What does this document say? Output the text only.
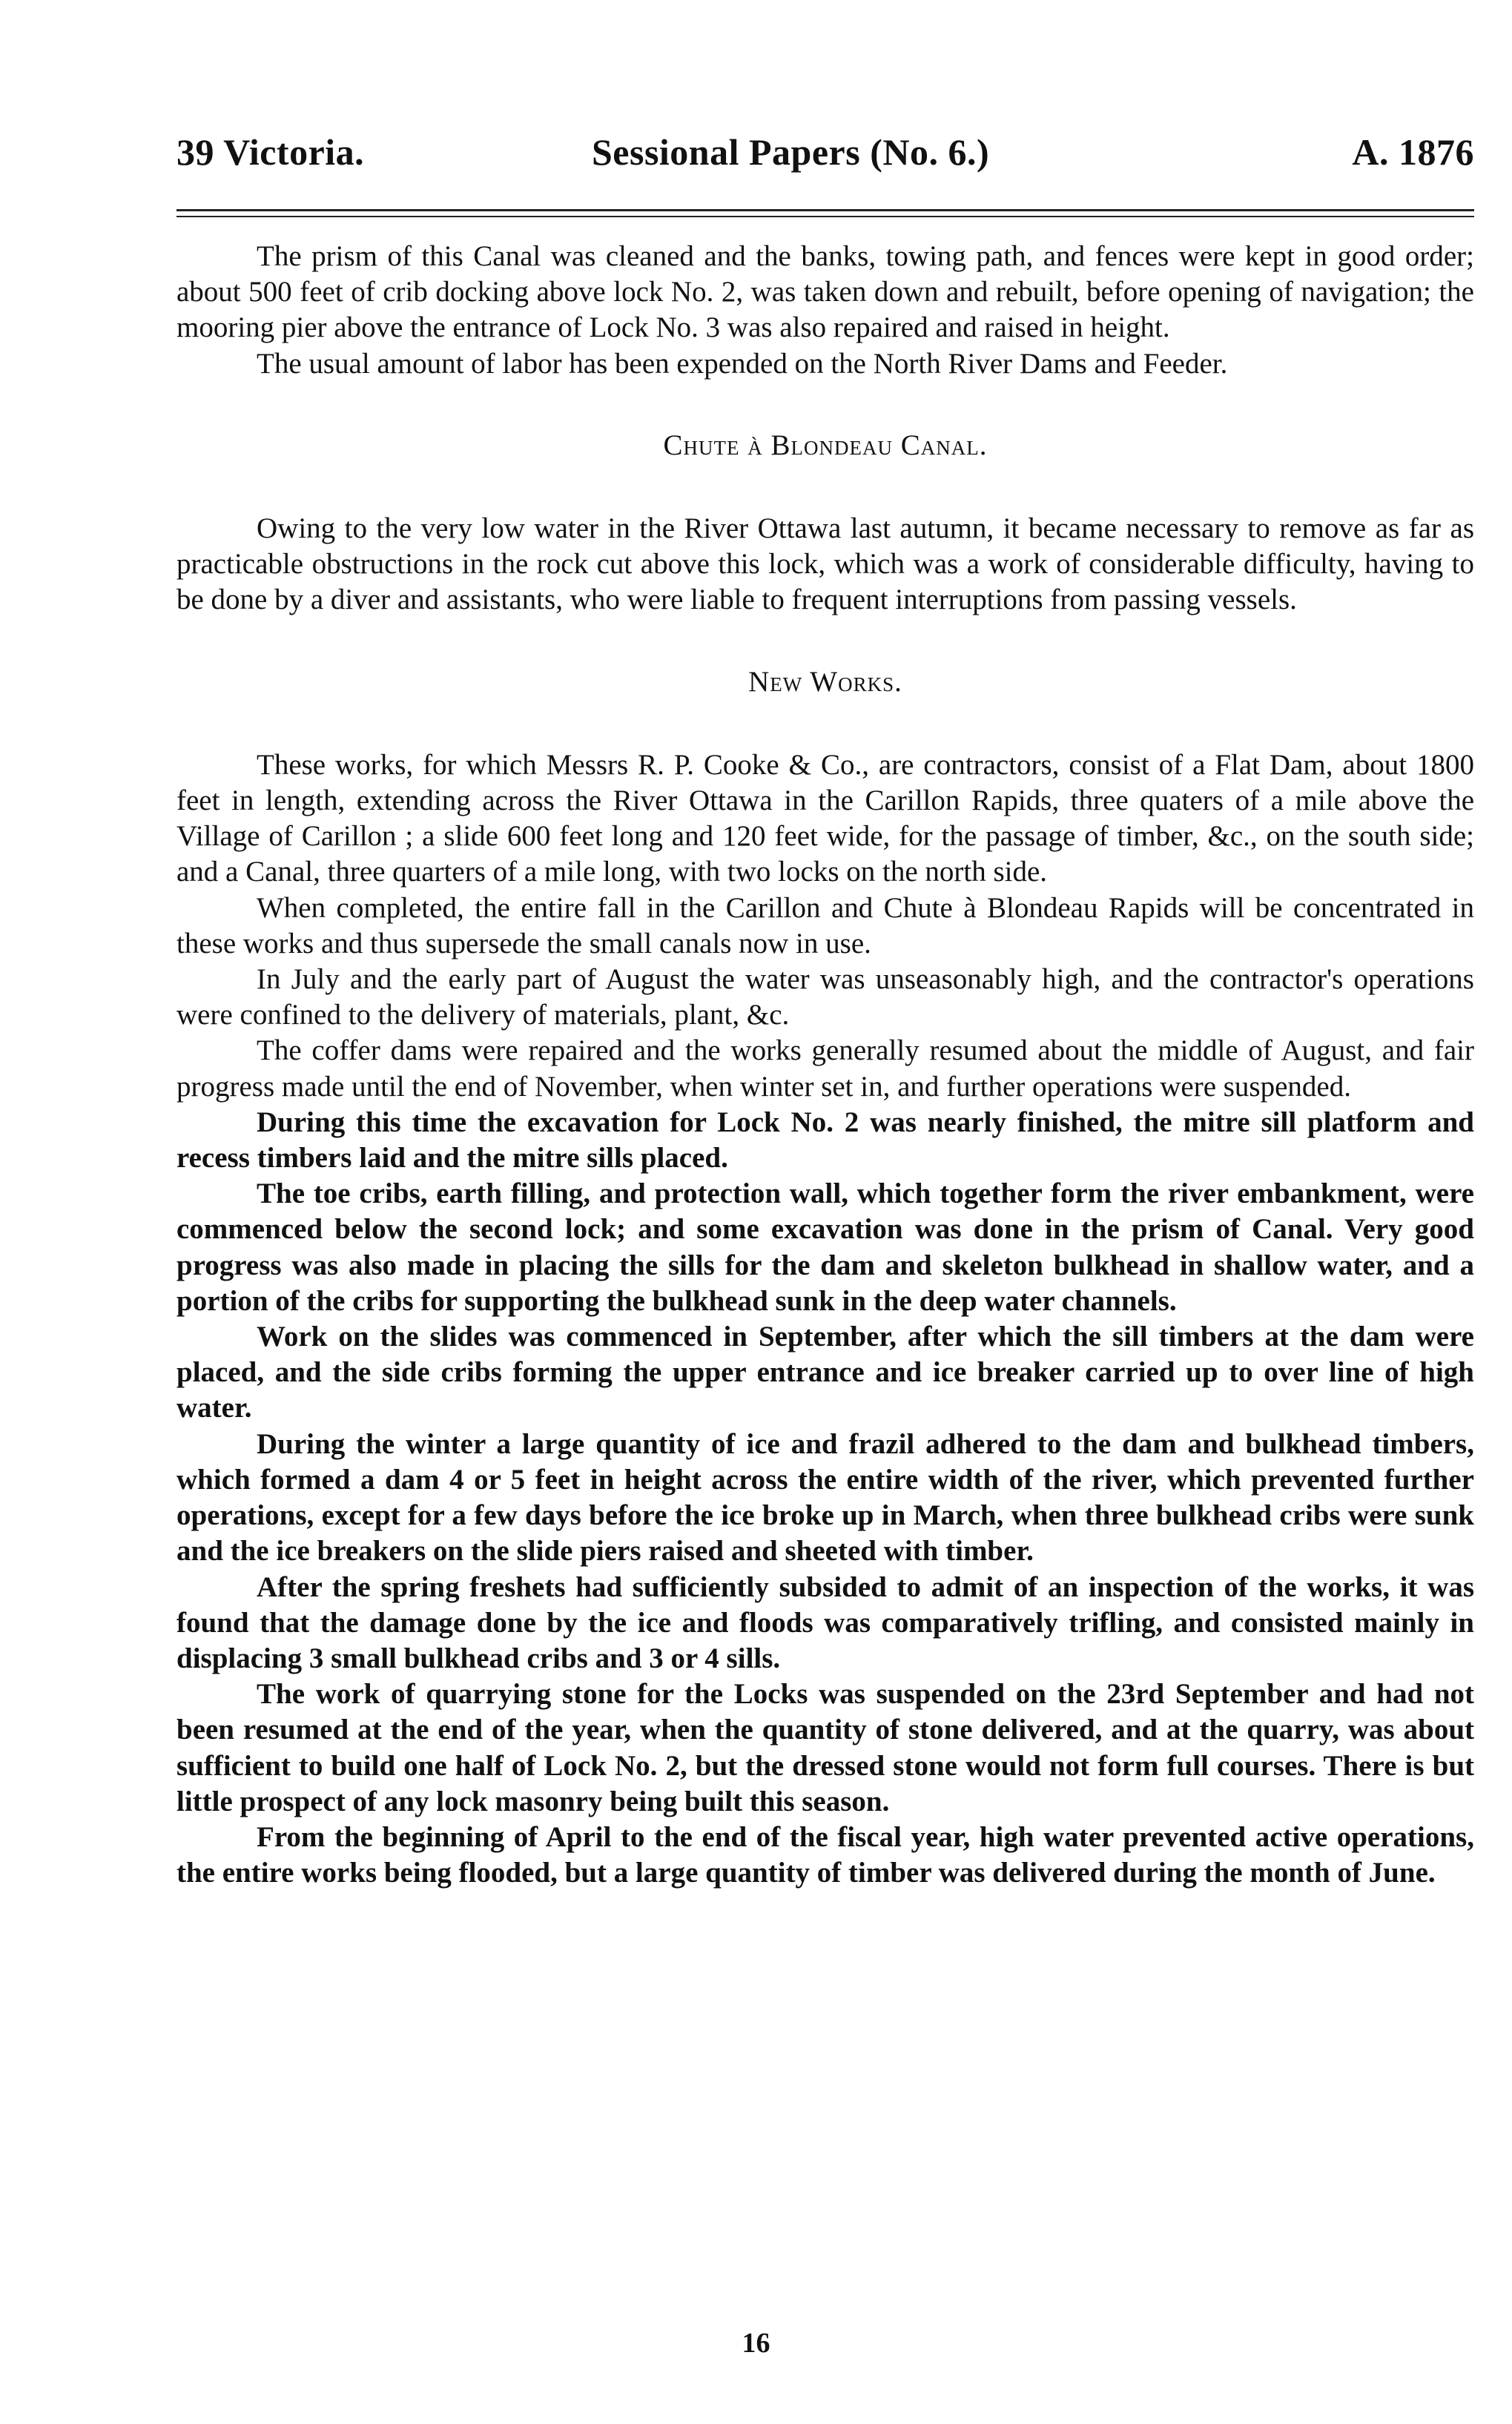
39 Victoria.	Sessional Papers (No. 6.)	A. 1876

The prism of this Canal was cleaned and the banks, towing path, and fences were kept in good order; about 500 feet of crib docking above lock No. 2, was taken down and rebuilt, before opening of navigation; the mooring pier above the entrance of Lock No. 3 was also repaired and raised in height.

The usual amount of labor has been expended on the North River Dams and Feeder.

Chute à Blondeau Canal.

Owing to the very low water in the River Ottawa last autumn, it became necessary to remove as far as practicable obstructions in the rock cut above this lock, which was a work of considerable difficulty, having to be done by a diver and assistants, who were liable to frequent interruptions from passing vessels.

New Works.

These works, for which Messrs R. P. Cooke & Co., are contractors, consist of a Flat Dam, about 1800 feet in length, extending across the River Ottawa in the Carillon Rapids, three quaters of a mile above the Village of Carillon ; a slide 600 feet long and 120 feet wide, for the passage of timber, &c., on the south side; and a Canal, three quarters of a mile long, with two locks on the north side.

When completed, the entire fall in the Carillon and Chute à Blondeau Rapids will be concentrated in these works and thus supersede the small canals now in use.

In July and the early part of August the water was unseasonably high, and the contractor's operations were confined to the delivery of materials, plant, &c.

The coffer dams were repaired and the works generally resumed about the middle of August, and fair progress made until the end of November, when winter set in, and further operations were suspended.

During this time the excavation for Lock No. 2 was nearly finished, the mitre sill platform and recess timbers laid and the mitre sills placed.

The toe cribs, earth filling, and protection wall, which together form the river embankment, were commenced below the second lock; and some excavation was done in the prism of Canal. Very good progress was also made in placing the sills for the dam and skeleton bulkhead in shallow water, and a portion of the cribs for supporting the bulkhead sunk in the deep water channels.

Work on the slides was commenced in September, after which the sill timbers at the dam were placed, and the side cribs forming the upper entrance and ice breaker carried up to over line of high water.

During the winter a large quantity of ice and frazil adhered to the dam and bulkhead timbers, which formed a dam 4 or 5 feet in height across the entire width of the river, which prevented further operations, except for a few days before the ice broke up in March, when three bulkhead cribs were sunk and the ice breakers on the slide piers raised and sheeted with timber.

After the spring freshets had sufficiently subsided to admit of an inspection of the works, it was found that the damage done by the ice and floods was comparatively trifling, and consisted mainly in displacing 3 small bulkhead cribs and 3 or 4 sills.

The work of quarrying stone for the Locks was suspended on the 23rd September and had not been resumed at the end of the year, when the quantity of stone delivered, and at the quarry, was about sufficient to build one half of Lock No. 2, but the dressed stone would not form full courses. There is but little prospect of any lock masonry being built this season.

From the beginning of April to the end of the fiscal year, high water prevented active operations, the entire works being flooded, but a large quantity of timber was delivered during the month of June.

16
